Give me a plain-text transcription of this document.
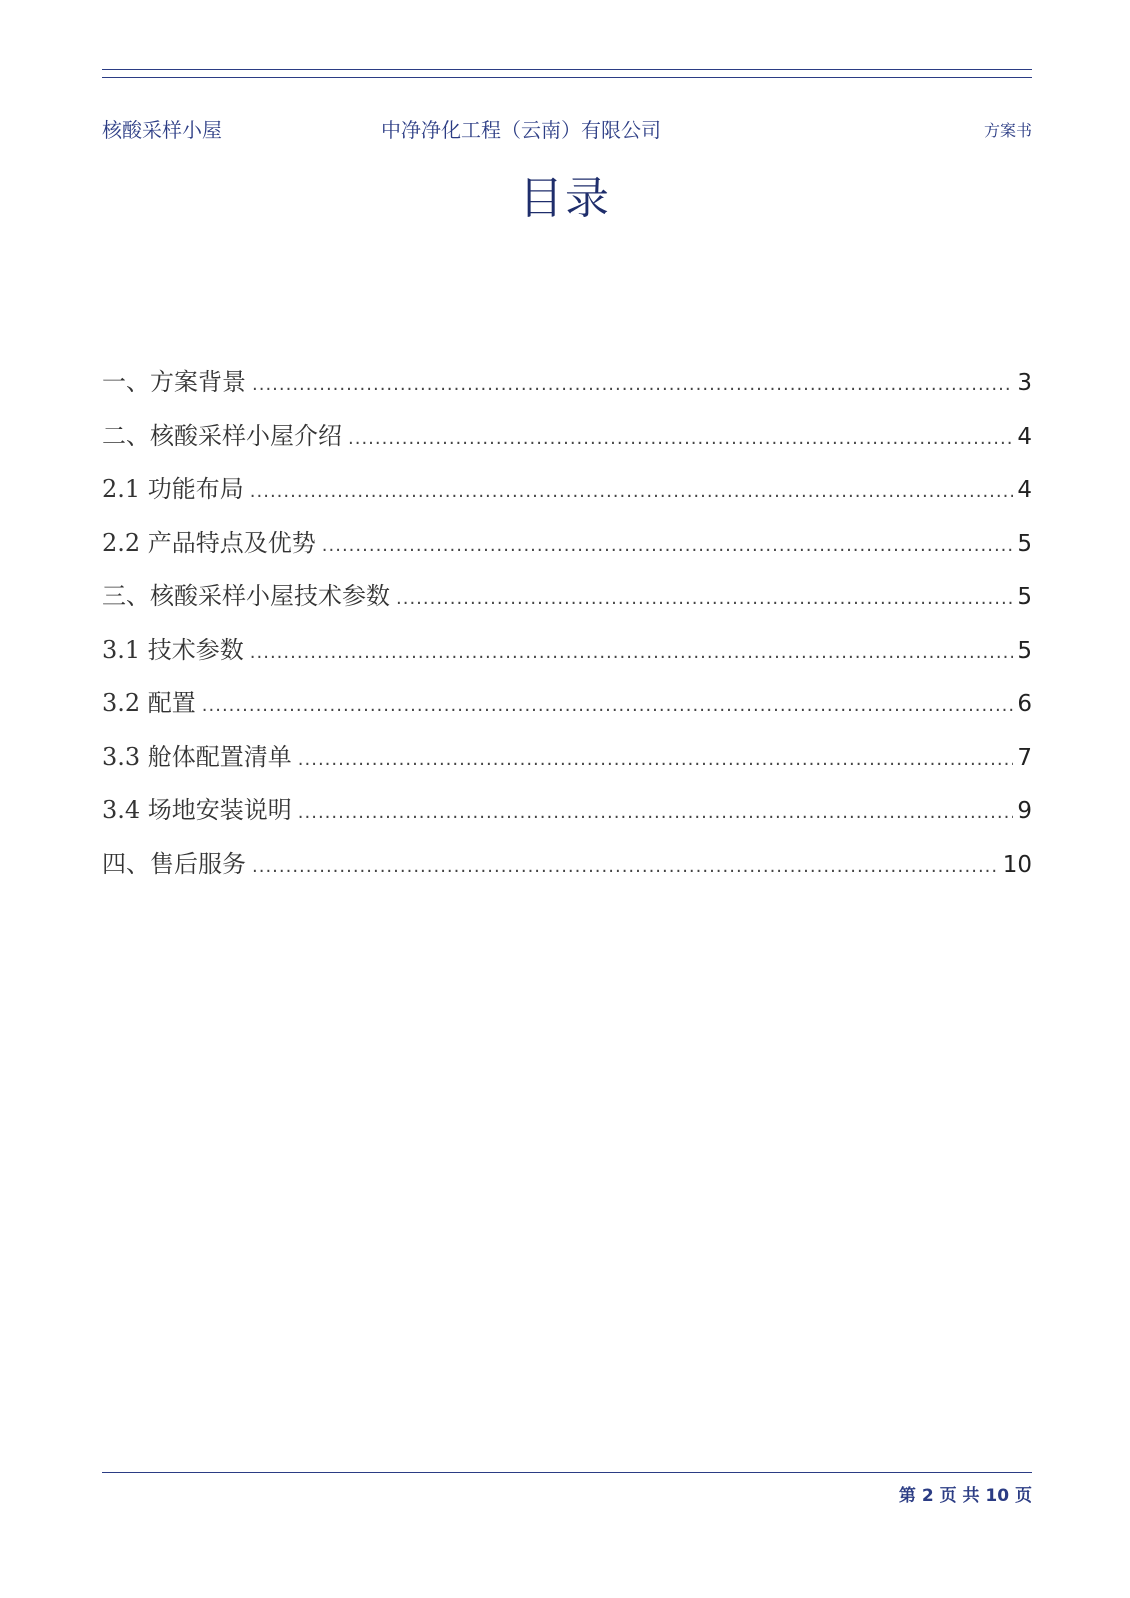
核酸采样小屋	中净净化工程（云南）有限公司	方案书
目录
一、方案背景 .....	3
二、核酸采样小屋介绍 .....	4
2.1 功能布局 .....	4
2.2 产品特点及优势 .....	5
三、核酸采样小屋技术参数 .....	5
3.1 技术参数 .....	5
3.2 配置 .....	6
3.3 舱体配置清单 .....	7
3.4 场地安装说明 .....	9
四、售后服务 .....	10
第 2 页 共 10 页
